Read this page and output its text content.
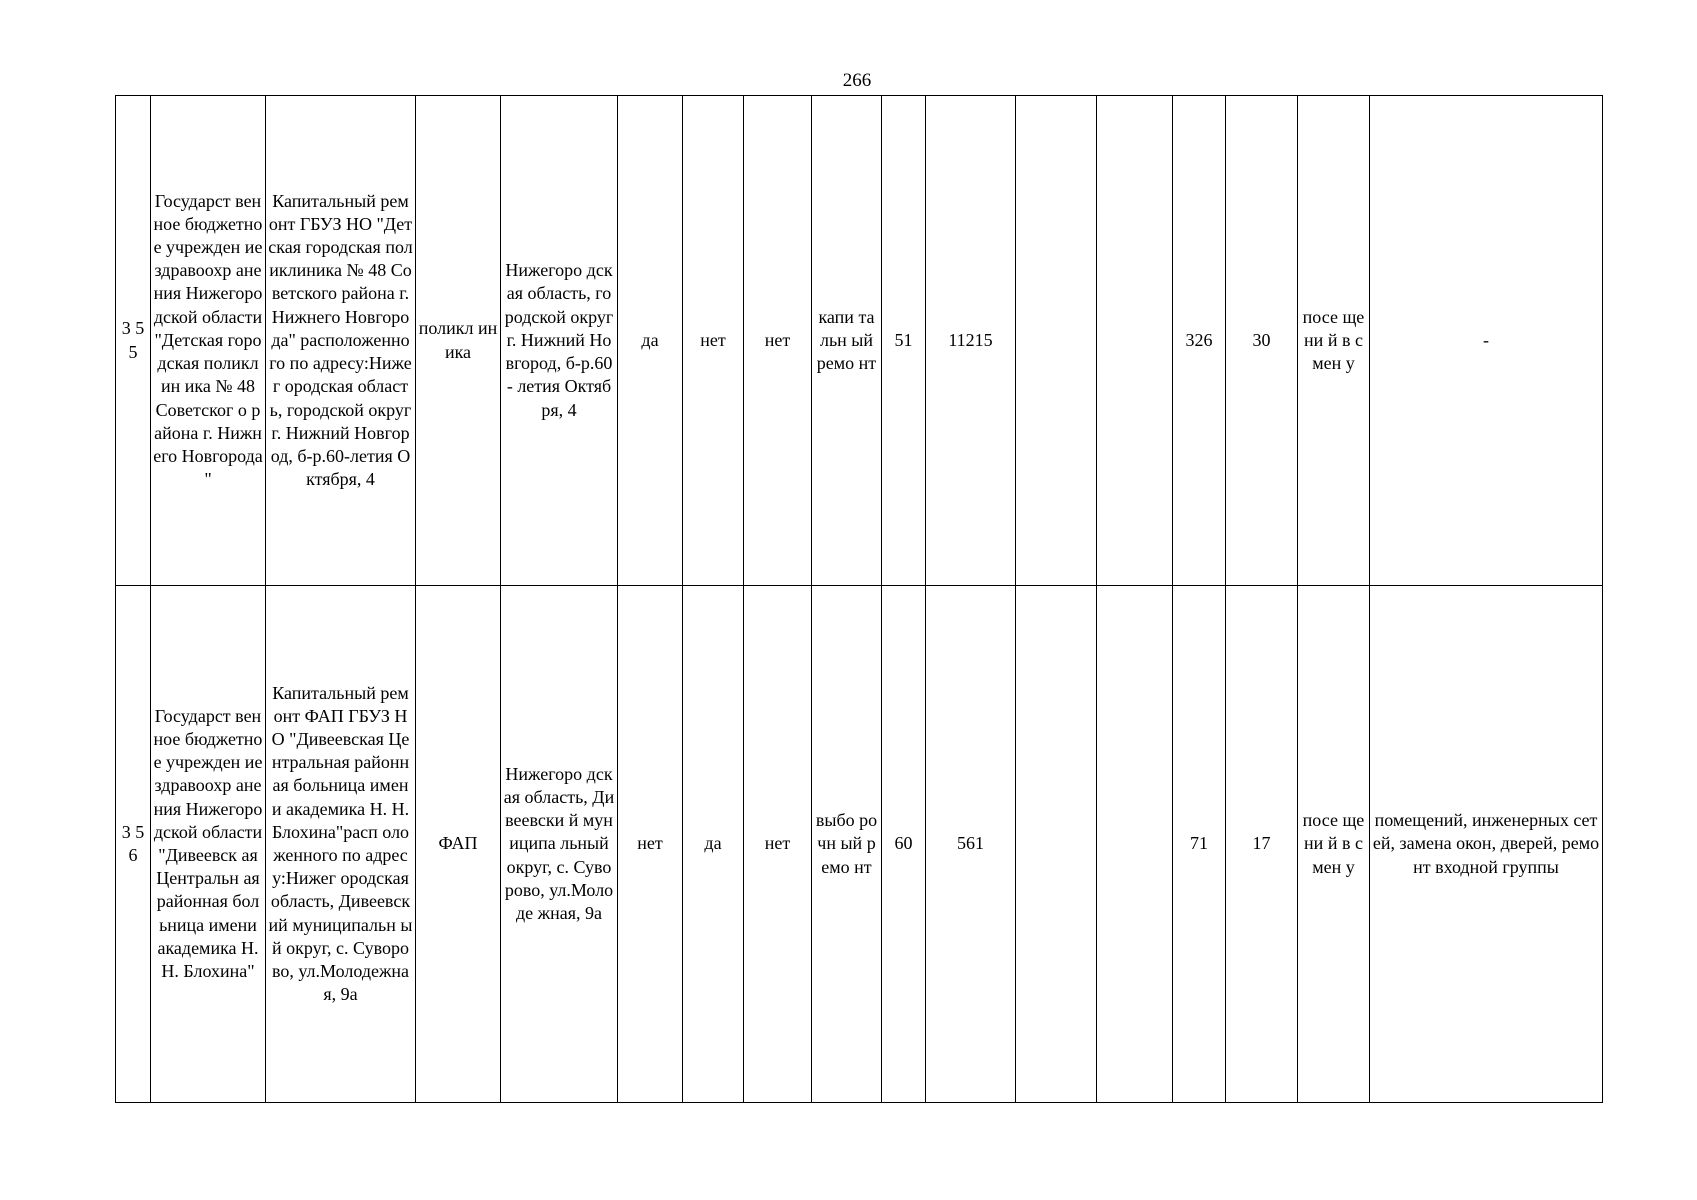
266
3 5 5	Государст венное бюджетно е учрежден ие здравоохр анения Нижегоро дской области "Детская городская поликлин ика № 48 Советског о района г. Нижнего Новгорода "	Капитальный ремонт ГБУЗ НО "Детская городская поликлиника № 48 Советского района г. Нижнего Новгорода" расположенно го по адресу:Нижег ородская область, городской округ г. Нижний Новгород, б-р.60-летия Октября, 4	поликл иника	Нижегоро дская область, городской округ г. Нижний Новгород, б-р.60- летия Октября, 4	да	нет	нет	капи тальн ый ремо нт	51	11215			326	30	посе щени й в смен у	-
3 5 6	Государст венное бюджетно е учрежден ие здравоохр анения Нижегоро дской области "Дивеевск ая Центральн ая районная больница имени академика Н. Н. Блохина"	Капитальный ремонт ФАП ГБУЗ НО "Дивеевская Центральная районная больница имени академика Н. Н. Блохина"расп оложенного по адресу:Нижег ородская область, Дивеевский муниципальн ый округ, с. Суворово, ул.Молодежна я, 9а	ФАП	Нижегоро дская область, Дивеевски й муниципа льный округ, с. Суворово, ул.Молоде жная, 9а	нет	да	нет	выбо рочн ый ремо нт	60	561			71	17	посе щени й в смен у	помещений, инженерных сетей, замена окон, дверей, ремонт входной группы
